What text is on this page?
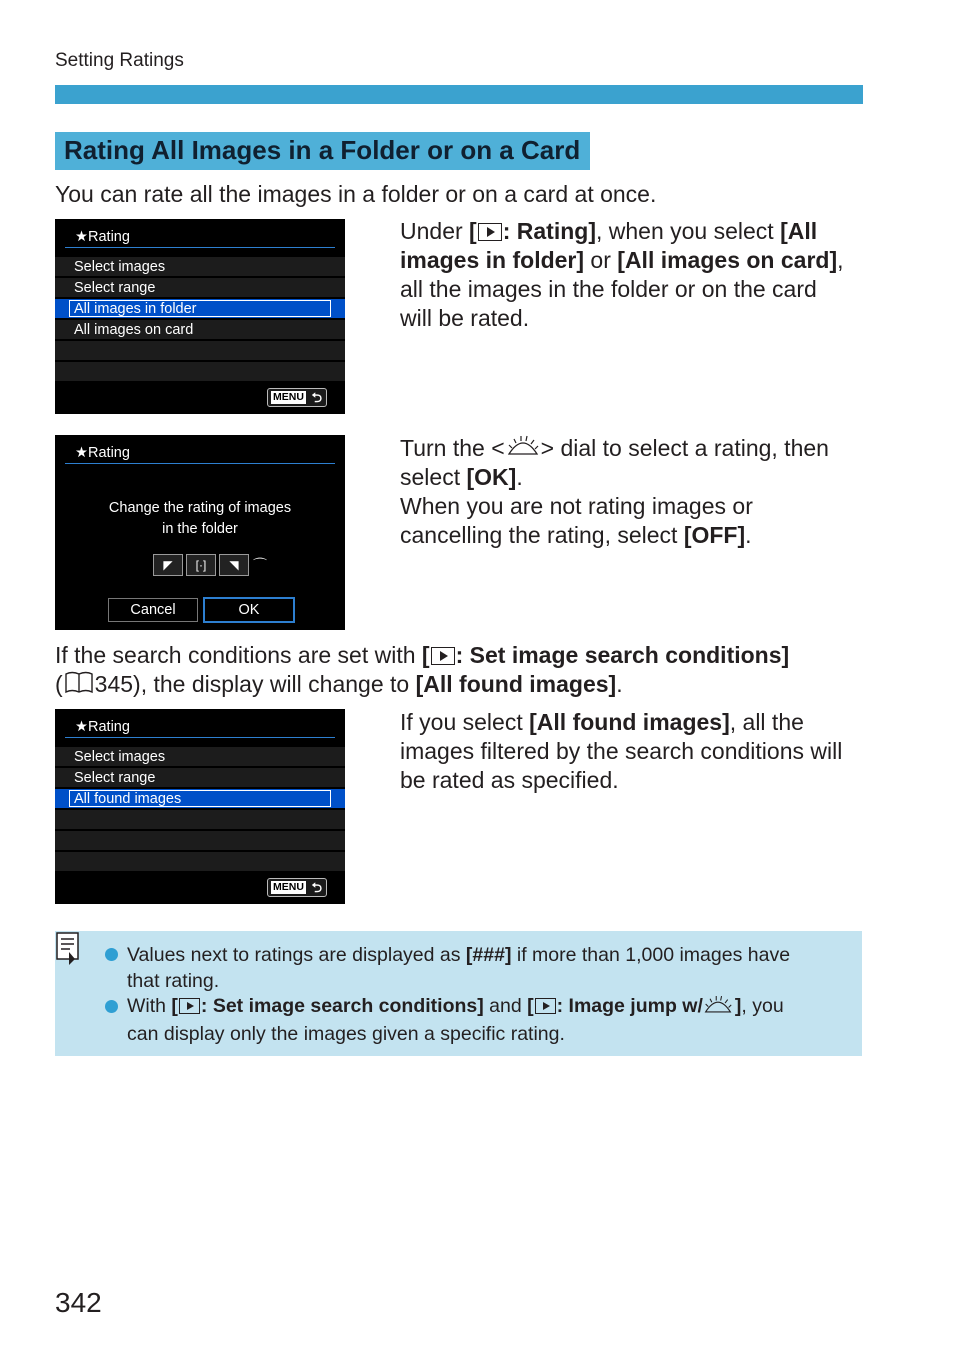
Setting Ratings
Rating All Images in a Folder or on a Card
You can rate all the images in a folder or on a card at once.
★Rating
Select images
Select range
All images in folder
All images on card
MENU ⮌
Under [ : Rating], when you select [All
images in folder] or [All images on card],
all the images in the folder or on the card
will be rated.
★Rating
Change the rating of images
in the folder
◤	[·]	◥	⌒
Cancel	OK
Turn the < > dial to select a rating, then
select [OK].
When you are not rating images or
cancelling the rating, select [OFF].
If the search conditions are set with [ : Set image search conditions]
( 345), the display will change to [All found images].
★Rating
Select images
Select range
All found images
MENU ⮌
If you select [All found images], all the
images filtered by the search conditions will
be rated as specified.
Values next to ratings are displayed as [###] if more than 1,000 images have
that rating.
With [ : Set image search conditions] and [ : Image jump w/ ], you
can display only the images given a specific rating.
342
